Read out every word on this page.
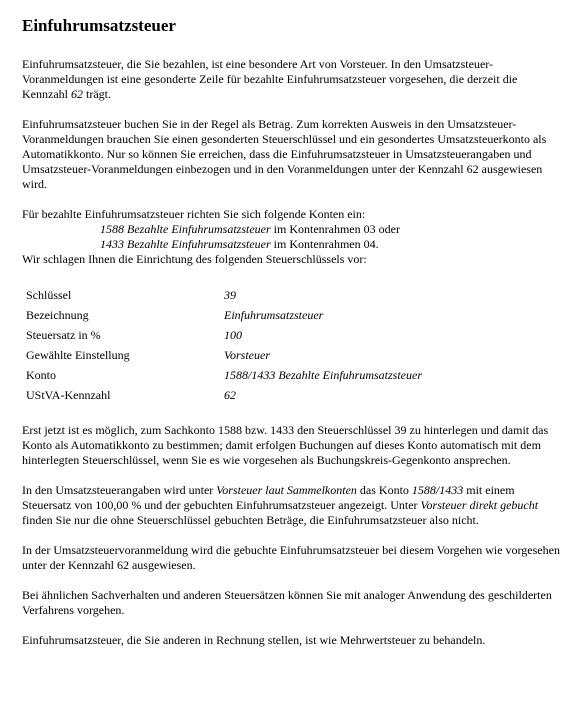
Einfuhrumsatzsteuer

Einfuhrumsatzsteuer, die Sie bezahlen, ist eine besondere Art von Vorsteuer. In den Umsatzsteuer-Voranmeldungen ist eine gesonderte Zeile für bezahlte Einfuhrumsatzsteuer vorgesehen, die derzeit die Kennzahl 62 trägt.

Einfuhrumsatzsteuer buchen Sie in der Regel als Betrag. Zum korrekten Ausweis in den Umsatzsteuer-Voranmeldungen brauchen Sie einen gesonderten Steuerschlüssel und ein gesondertes Umsatzsteuerkonto als Automatikkonto. Nur so können Sie erreichen, dass die Einfuhrumsatzsteuer in Umsatzsteuerangaben und Umsatzsteuer-Voranmeldungen einbezogen und in den Voranmeldungen unter der Kennzahl 62 ausgewiesen wird.

Für bezahlte Einfuhrumsatzsteuer richten Sie sich folgende Konten ein:
1588 Bezahlte Einfuhrumsatzsteuer im Kontenrahmen 03 oder
1433 Bezahlte Einfuhrumsatzsteuer im Kontenrahmen 04.
Wir schlagen Ihnen die Einrichtung des folgenden Steuerschlüssels vor:

Schlüssel	39
Bezeichnung	Einfuhrumsatzsteuer
Steuersatz in %	100
Gewählte Einstellung	Vorsteuer
Konto	1588/1433 Bezahlte Einfuhrumsatzsteuer
UStVA-Kennzahl	62

Erst jetzt ist es möglich, zum Sachkonto 1588 bzw. 1433 den Steuerschlüssel 39 zu hinterlegen und damit das Konto als Automatikkonto zu bestimmen; damit erfolgen Buchungen auf dieses Konto automatisch mit dem hinterlegten Steuerschlüssel, wenn Sie es wie vorgesehen als Buchungskreis-Gegenkonto ansprechen.

In den Umsatzsteuerangaben wird unter Vorsteuer laut Sammelkonten das Konto 1588/1433 mit einem Steuersatz von 100,00 % und der gebuchten Einfuhrumsatzsteuer angezeigt. Unter Vorsteuer direkt gebucht finden Sie nur die ohne Steuerschlüssel gebuchten Beträge, die Einfuhrumsatzsteuer also nicht.

In der Umsatzsteuervoranmeldung wird die gebuchte Einfuhrumsatzsteuer bei diesem Vorgehen wie vorgesehen unter der Kennzahl 62 ausgewiesen.

Bei ähnlichen Sachverhalten und anderen Steuersätzen können Sie mit analoger Anwendung des geschilderten Verfahrens vorgehen.

Einfuhrumsatzsteuer, die Sie anderen in Rechnung stellen, ist wie Mehrwertsteuer zu behandeln.
